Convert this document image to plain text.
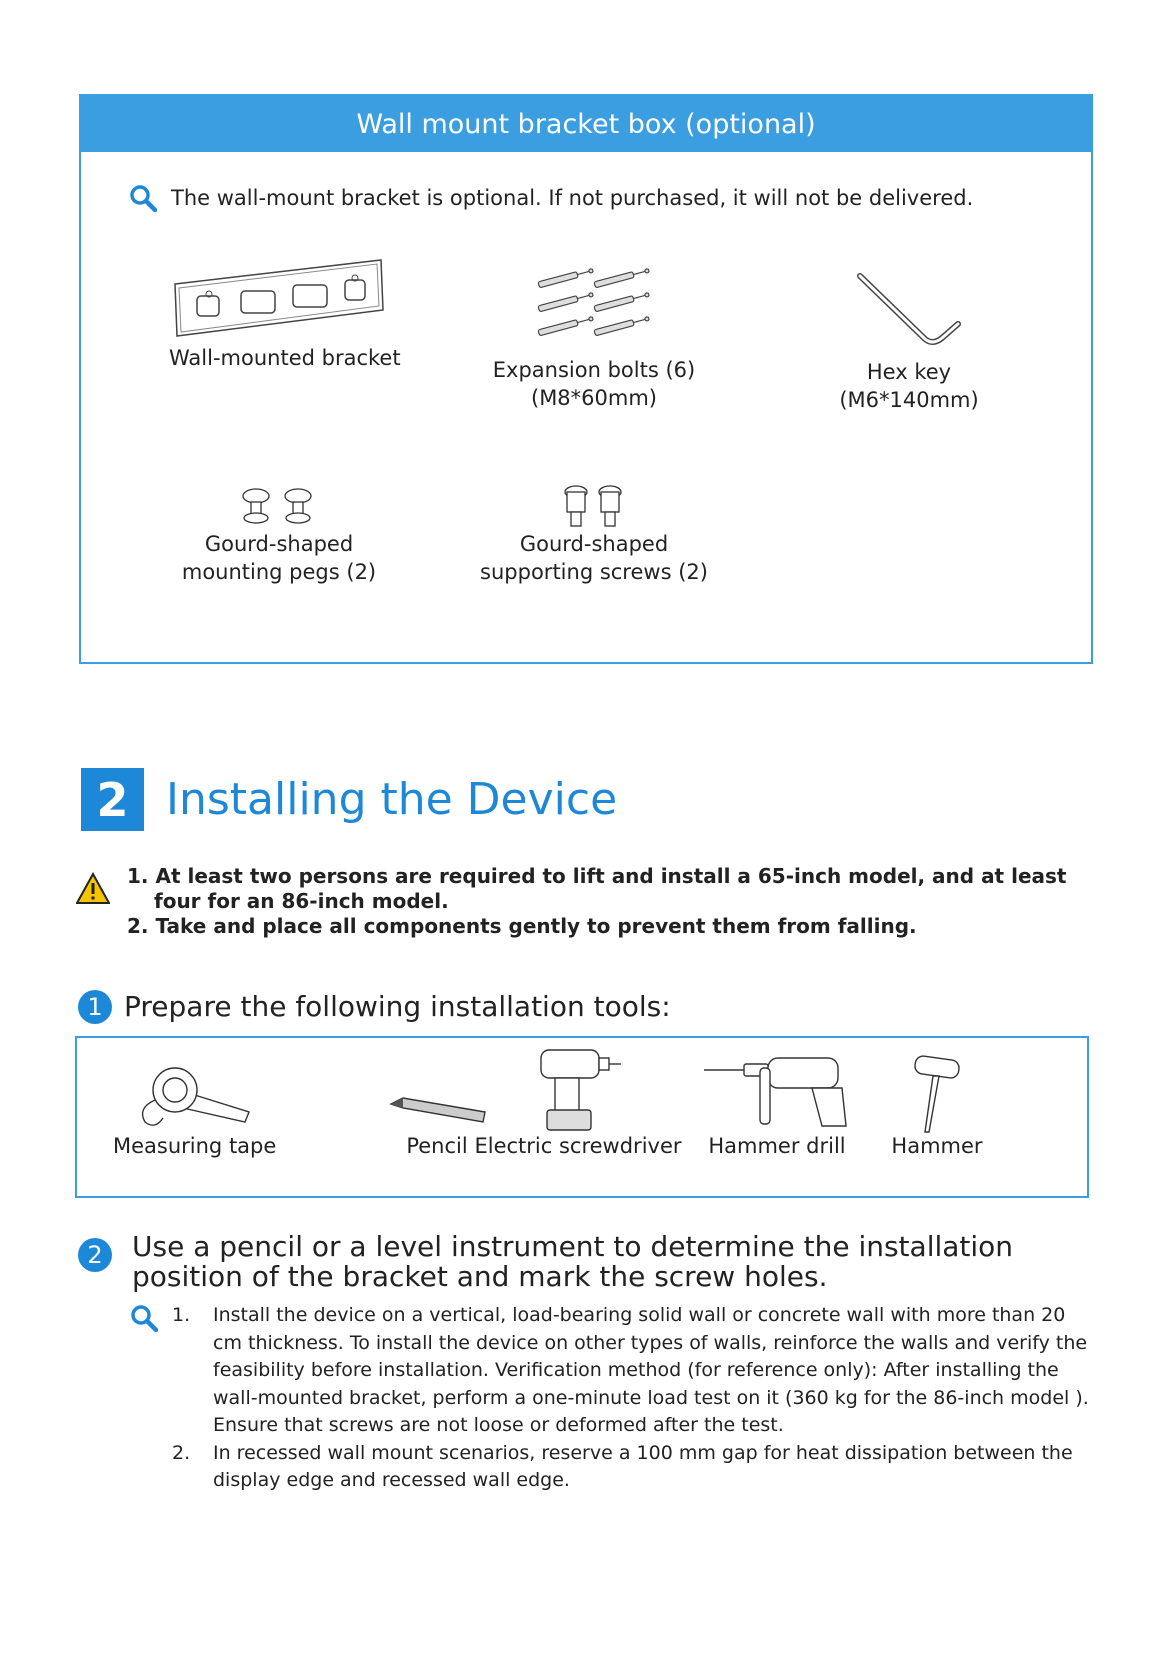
Wall mount bracket box (optional)
The wall-mount bracket is optional. If not purchased, it will not be delivered.
Wall-mounted bracket	Expansion bolts (6)
(M8*60mm)
Hex key
(M6*140mm)
Gourd-shaped
mounting pegs (2)
Gourd-shaped
supporting screws (2)
2 Installing the Device
1. At least two persons are required to lift and install a 65-inch model, and at least four for an 86-inch model.
2. Take and place all components gently to prevent them from falling.
1 Prepare the following installation tools:
Measuring tape	Pencil Electric screwdriver	Hammer drill	Hammer
2	Use a pencil or a level instrument to determine the installation position of the bracket and mark the screw holes.
1. Install the device on a vertical, load-bearing solid wall or concrete wall with more than 20 cm thickness. To install the device on other types of walls, reinforce the walls and verify the feasibility before installation. Verification method (for reference only): After installing the wall-mounted bracket, perform a one-minute load test on it (360 kg for the 86-inch model ). Ensure that screws are not loose or deformed after the test.
2. In recessed wall mount scenarios, reserve a 100 mm gap for heat dissipation between the display edge and recessed wall edge.
